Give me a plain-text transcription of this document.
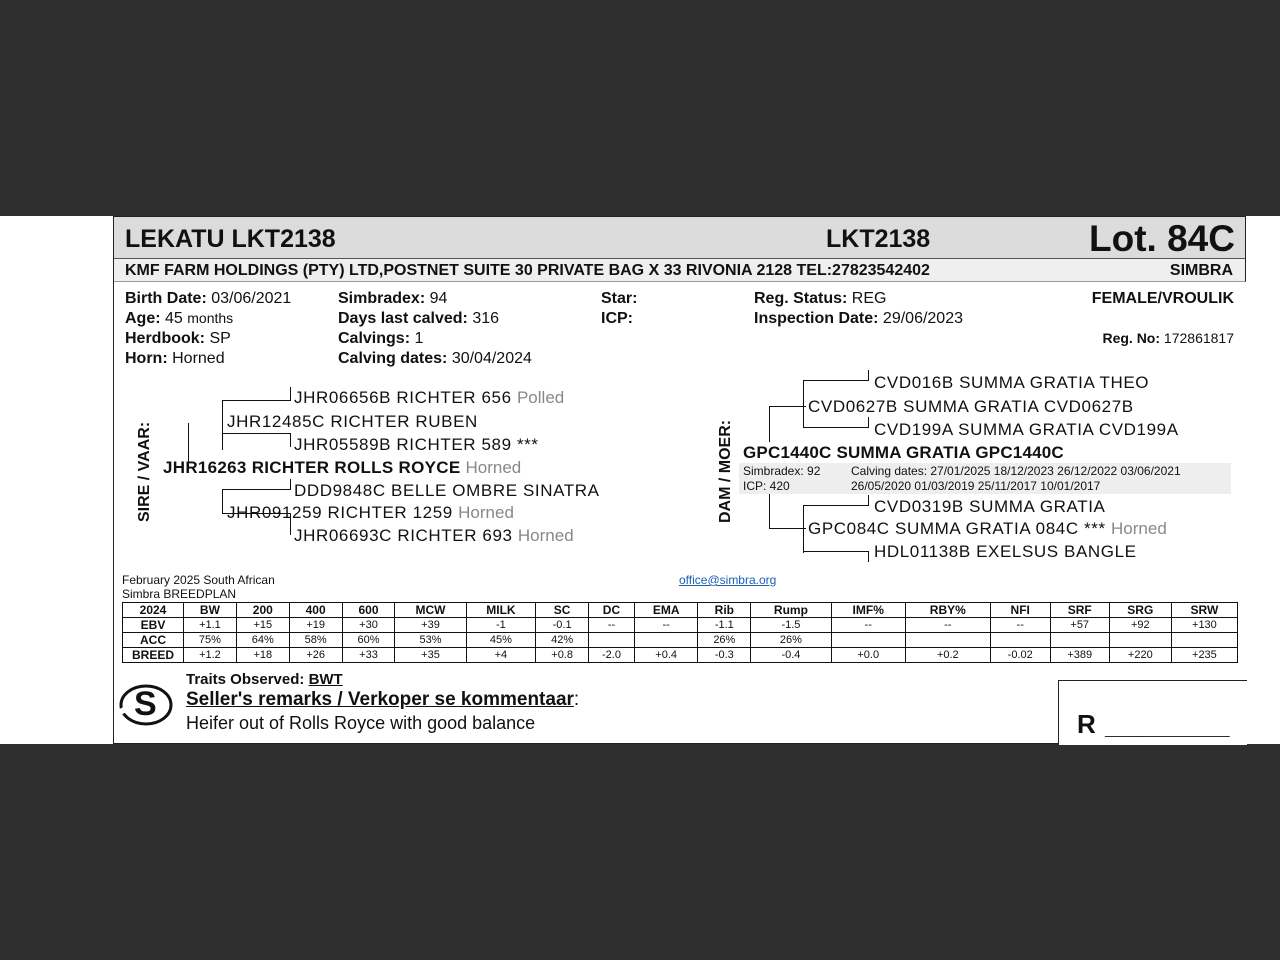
LEKATU LKT2138	LKT2138	Lot. 84C
KMF FARM HOLDINGS (PTY) LTD,POSTNET SUITE 30 PRIVATE BAG X 33 RIVONIA 2128 TEL:27823542402	SIMBRA
Birth Date: 03/06/2021
Age: 45 months
Herdbook: SP
Horn: Horned
Simbradex: 94
Days last calved: 316
Calvings: 1
Calving dates: 30/04/2024
Star:
ICP:
Reg. Status: REG
Inspection Date: 29/06/2023
FEMALE/VROULIK
Reg. No: 172861817
SIRE / VAAR:
JHR06656B RICHTER 656 Polled
JHR12485C RICHTER RUBEN
JHR05589B RICHTER 589 ***
JHR16263 RICHTER ROLLS ROYCE Horned
DDD9848C BELLE OMBRE SINATRA
JHR091259 RICHTER 1259 Horned
JHR06693C RICHTER 693 Horned
DAM / MOER:
CVD016B SUMMA GRATIA THEO
CVD0627B SUMMA GRATIA CVD0627B
CVD199A SUMMA GRATIA CVD199A
GPC1440C SUMMA GRATIA GPC1440C
Simbradex: 92
ICP: 420
Calving dates: 27/01/2025 18/12/2023 26/12/2022 03/06/2021
26/05/2020 01/03/2019 25/11/2017 10/01/2017
CVD0319B SUMMA GRATIA
GPC084C SUMMA GRATIA 084C *** Horned
HDL01138B EXELSUS BANGLE
February 2025 South African
Simbra BREEDPLAN
office@simbra.org
2024	BW	200	400	600	MCW	MILK	SC	DC	EMA	Rib	Rump	IMF%	RBY%	NFI	SRF	SRG	SRW
EBV	+1.1	+15	+19	+30	+39	-1	-0.1	--	--	-1.1	-1.5	--	--	--	+57	+92	+130
ACC	75%	64%	58%	60%	53%	45%	42%			26%	26%						
BREED	+1.2	+18	+26	+33	+35	+4	+0.8	-2.0	+0.4	-0.3	-0.4	+0.0	+0.2	-0.02	+389	+220	+235
S
Traits Observed: BWT
Seller's remarks / Verkoper se kommentaar:
Heifer out of Rolls Royce with good balance	R ________________
